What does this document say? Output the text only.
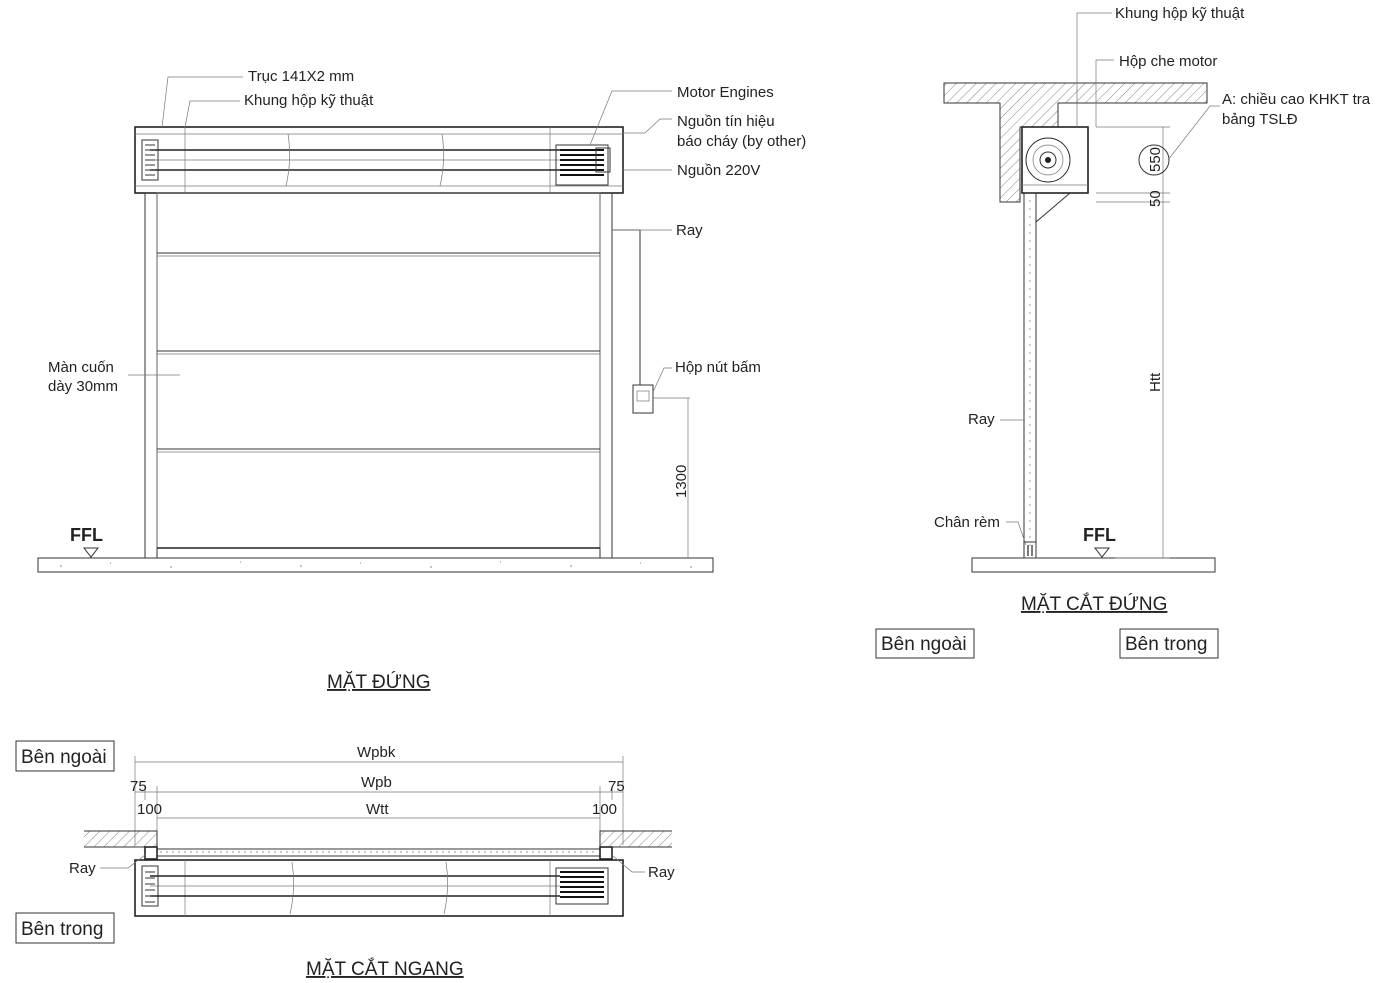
FFL
1300
Trục 141X2 mm
Khung hộp kỹ thuật	Motor Engines
Nguồn tín hiệu
báo cháy (by other)
Nguồn 220V
Ray
Hộp nút bấm
Màn cuốn
dày 30mm
MẶT ĐỨNG
FFL
550
50
Htt
Khung hộp kỹ thuật
Hộp che motor
A: chiều cao KHKT tra
bảng TSLĐ
Ray
Chân rèm
MẶT CẮT ĐỨNG
Bên ngoài	Bên trong
Wpbk
Wpb
Wtt
75	75
100	100
Ray	Ray
Bên ngoài
Bên trong
MẶT CẮT NGANG
